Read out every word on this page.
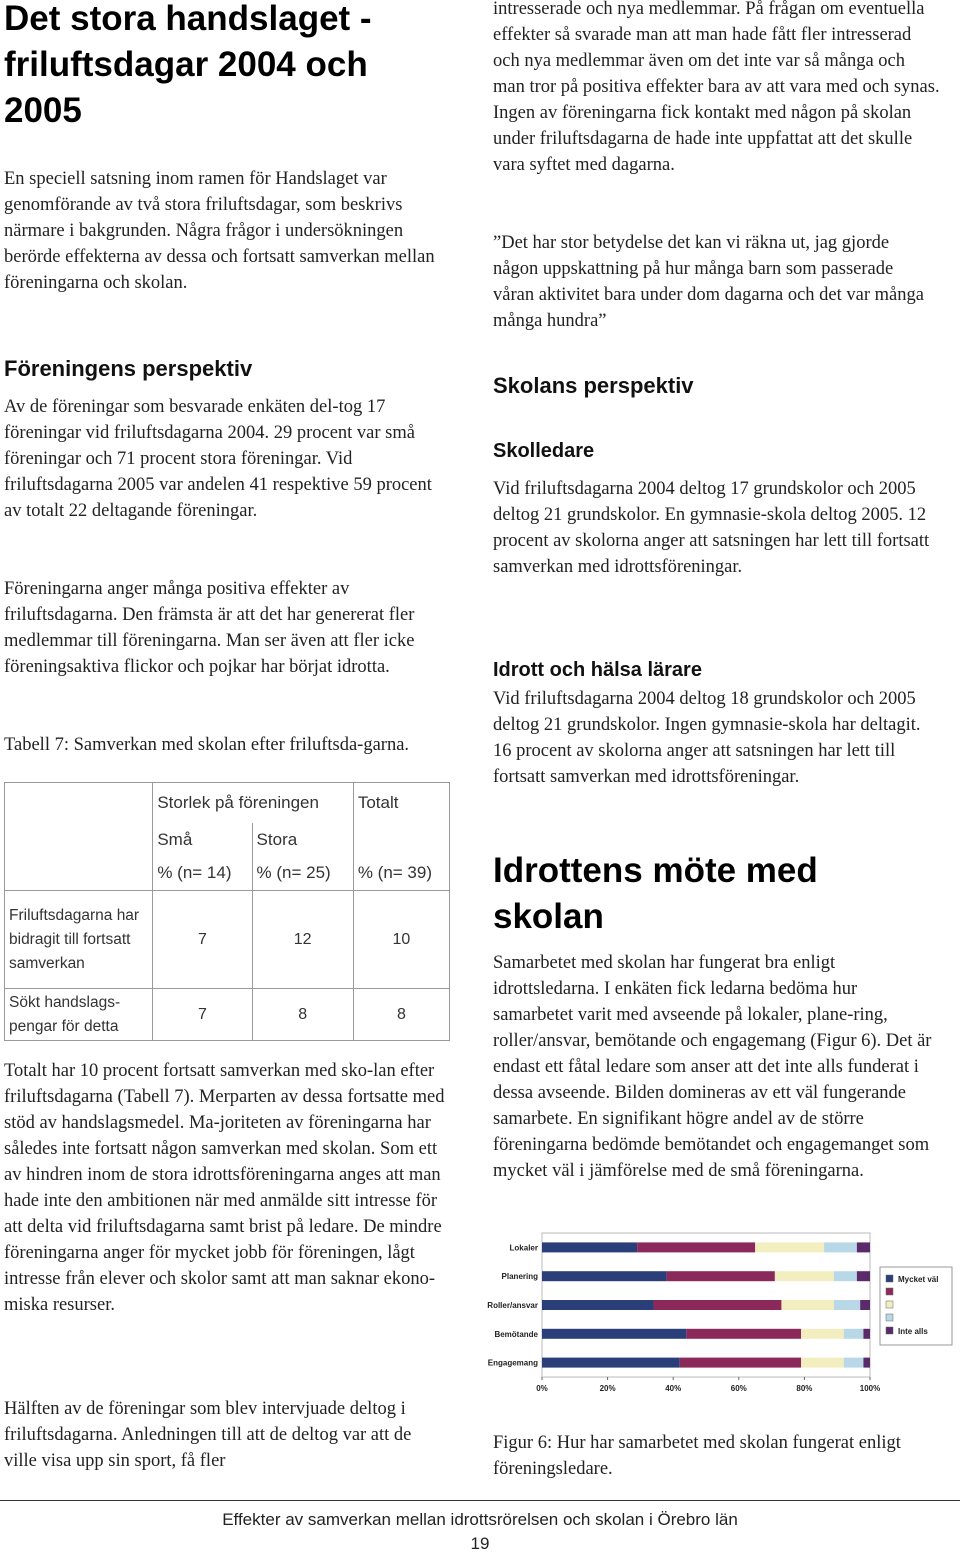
Det stora handslaget - friluftsdagar 2004 och 2005

En speciell satsning inom ramen för Handslaget var genomförande av två stora friluftsdagar, som beskrivs närmare i bakgrunden. Några frågor i undersökningen berörde effekterna av dessa och fortsatt samverkan mellan föreningarna och skolan.

Föreningens perspektiv

Av de föreningar som besvarade enkäten del-tog 17 föreningar vid friluftsdagarna 2004. 29 procent var små föreningar och 71 procent stora föreningar. Vid friluftsdagarna 2005 var andelen 41 respektive 59 procent av totalt 22 deltagande föreningar.

Föreningarna anger många positiva effekter av friluftsdagarna. Den främsta är att det har genererat fler medlemmar till föreningarna. Man ser även att fler icke föreningsaktiva flickor och pojkar har börjat idrotta.

Tabell 7: Samverkan med skolan efter friluftsda-garna.

Totalt har 10 procent fortsatt samverkan med sko-lan efter friluftsdagarna (Tabell 7). Merparten av dessa fortsatte med stöd av handslagsmedel. Ma-joriteten av föreningarna har således inte fortsatt någon samverkan med skolan. Som ett av hindren inom de stora idrottsföreningarna anges att man hade inte den ambitionen när med anmälde sitt intresse för att delta vid friluftsdagarna samt brist på ledare. De mindre föreningarna anger för mycket jobb för föreningen, lågt intresse från elever och skolor samt att man saknar ekono-miska resurser.

Hälften av de föreningar som blev intervjuade deltog i friluftsdagarna. Anledningen till att de deltog var att de ville visa upp sin sport, få fler

	Storlek på föreningen		Totalt
	Små	Stora	
	% (n= 14)	% (n= 25)	% (n= 39)
Friluftsdagarna har bidragit till fortsatt samverkan	7	12	10
Sökt handslags-pengar för detta	7	8	8

intresserade och nya medlemmar. På frågan om eventuella effekter så svarade man att man hade fått fler intresserad och nya medlemmar även om det inte var så många och man tror på positiva effekter bara av att vara med och synas. Ingen av föreningarna fick kontakt med någon på skolan under friluftsdagarna de hade inte uppfattat att det skulle vara syftet med dagarna.

”Det har stor betydelse det kan vi räkna ut, jag gjorde någon uppskattning på hur många barn som passerade våran aktivitet bara under dom dagarna och det var många många hundra”

Skolans perspektiv
Skolledare

Vid friluftsdagarna 2004 deltog 17 grundskolor och 2005 deltog 21 grundskolor. En gymnasie-skola deltog 2005. 12 procent av skolorna anger att satsningen har lett till fortsatt samverkan med idrottsföreningar.

Idrott och hälsa lärare

Vid friluftsdagarna 2004 deltog 18 grundskolor och 2005 deltog 21 grundskolor. Ingen gymnasie-skola har deltagit. 16 procent av skolorna anger att satsningen har lett till fortsatt samverkan med idrottsföreningar.

Idrottens möte med skolan

Samarbetet med skolan har fungerat bra enligt idrottsledarna. I enkäten fick ledarna bedöma hur samarbetet varit med avseende på lokaler, plane-ring, roller/ansvar, bemötande och engagemang (Figur 6). Det är endast ett fåtal ledare som anser att det inte alls funderat i dessa avseende. Bilden domineras av ett väl fungerande samarbete. En signifikant högre andel av de större föreningarna bedömde bemötandet och engagemanget som mycket väl i jämförelse med de små föreningarna.

Figur 6: Hur har samarbetet med skolan fungerat enligt föreningsledare.

Lokaler
Planering
Roller/ansvar
Bemötande
Engagemang
0%	20%	40%	60%	80%	100%
Mycket väl
Inte alls
Effekter av samverkan mellan idrottsrörelsen och skolan i Örebro län
19
